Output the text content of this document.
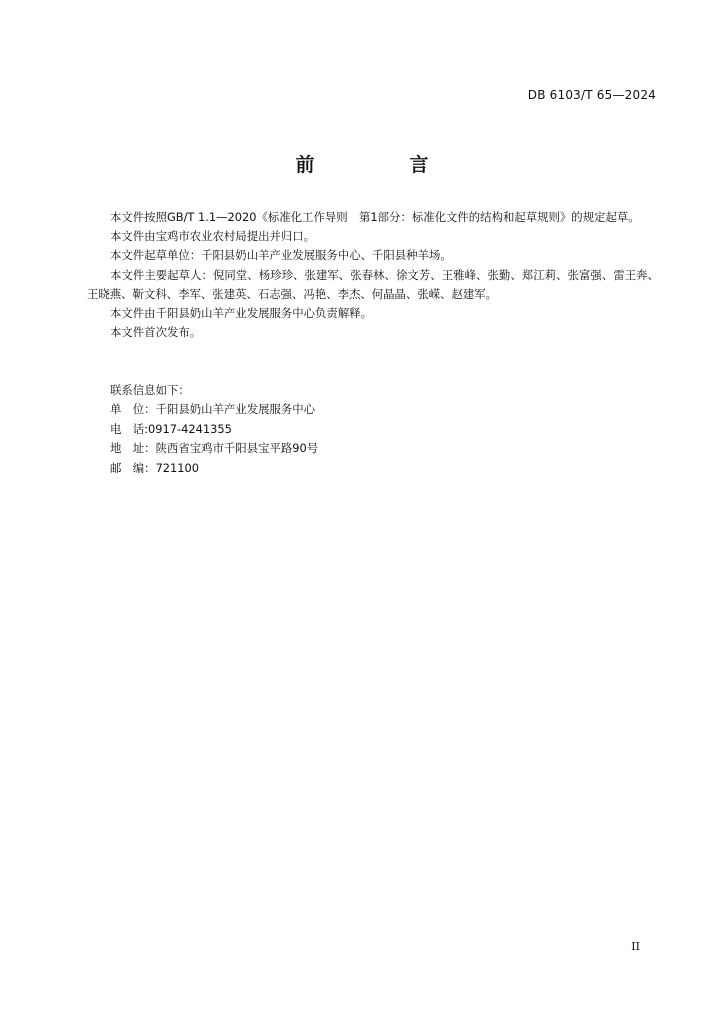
DB 6103/T 65—2024
前　言

本文件按照GB/T 1.1—2020《标准化工作导则　第1部分：标准化文件的结构和起草规则》的规定起草。

本文件由宝鸡市农业农村局提出并归口。

本文件起草单位：千阳县奶山羊产业发展服务中心、千阳县种羊场。

本文件主要起草人：倪同堂、杨珍珍、张建军、张春林、徐文芳、王雅峰、张勤、郑江莉、张富强、雷王奔、王晓燕、靳文科、李军、张建英、石志强、冯艳、李杰、何晶晶、张嵘、赵建军。

本文件由千阳县奶山羊产业发展服务中心负责解释。

本文件首次发布。

联系信息如下：

单　位：千阳县奶山羊产业发展服务中心

电　话:0917-4241355

地　址：陕西省宝鸡市千阳县宝平路90号

邮　编：721100

II
